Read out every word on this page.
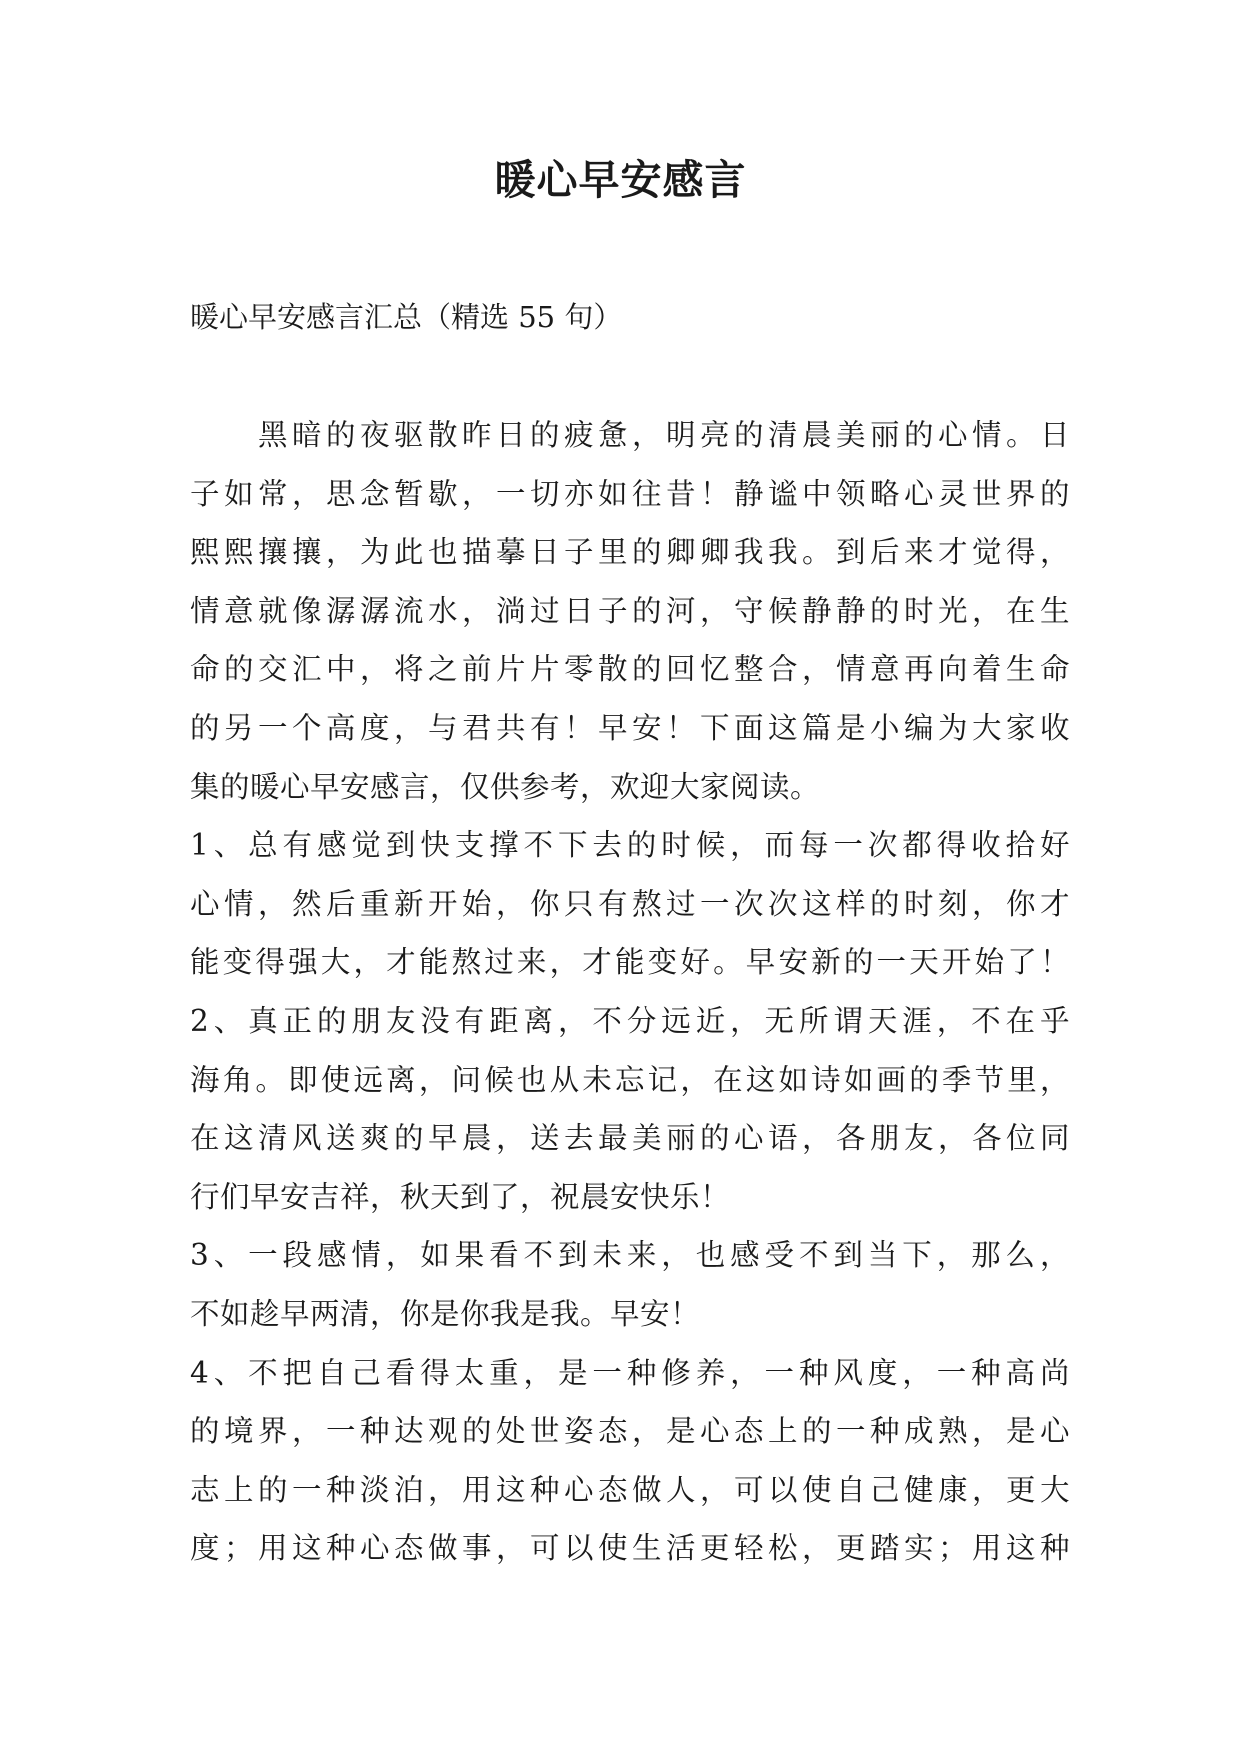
暖心早安感言

暖心早安感言汇总（精选 55 句）

　　黑暗的夜驱散昨日的疲惫，明亮的清晨美丽的心情。日
子如常，思念暂歇，一切亦如往昔！静谧中领略心灵世界的
熙熙攘攘，为此也描摹日子里的卿卿我我。到后来才觉得，
情意就像潺潺流水，淌过日子的河，守候静静的时光，在生
命的交汇中，将之前片片零散的回忆整合，情意再向着生命
的另一个高度，与君共有！早安！下面这篇是小编为大家收
集的暖心早安感言，仅供参考，欢迎大家阅读。
1、总有感觉到快支撑不下去的时候，而每一次都得收拾好
心情，然后重新开始，你只有熬过一次次这样的时刻，你才
能变得强大，才能熬过来，才能变好。早安新的一天开始了！
2、真正的朋友没有距离，不分远近，无所谓天涯，不在乎
海角。即使远离，问候也从未忘记，在这如诗如画的季节里，
在这清风送爽的早晨，送去最美丽的心语，各朋友，各位同
行们早安吉祥，秋天到了，祝晨安快乐！
3、一段感情，如果看不到未来，也感受不到当下，那么，
不如趁早两清，你是你我是我。早安！
4、不把自己看得太重，是一种修养，一种风度，一种高尚
的境界，一种达观的处世姿态，是心态上的一种成熟，是心
志上的一种淡泊，用这种心态做人，可以使自己健康，更大
度；用这种心态做事，可以使生活更轻松，更踏实；用这种
